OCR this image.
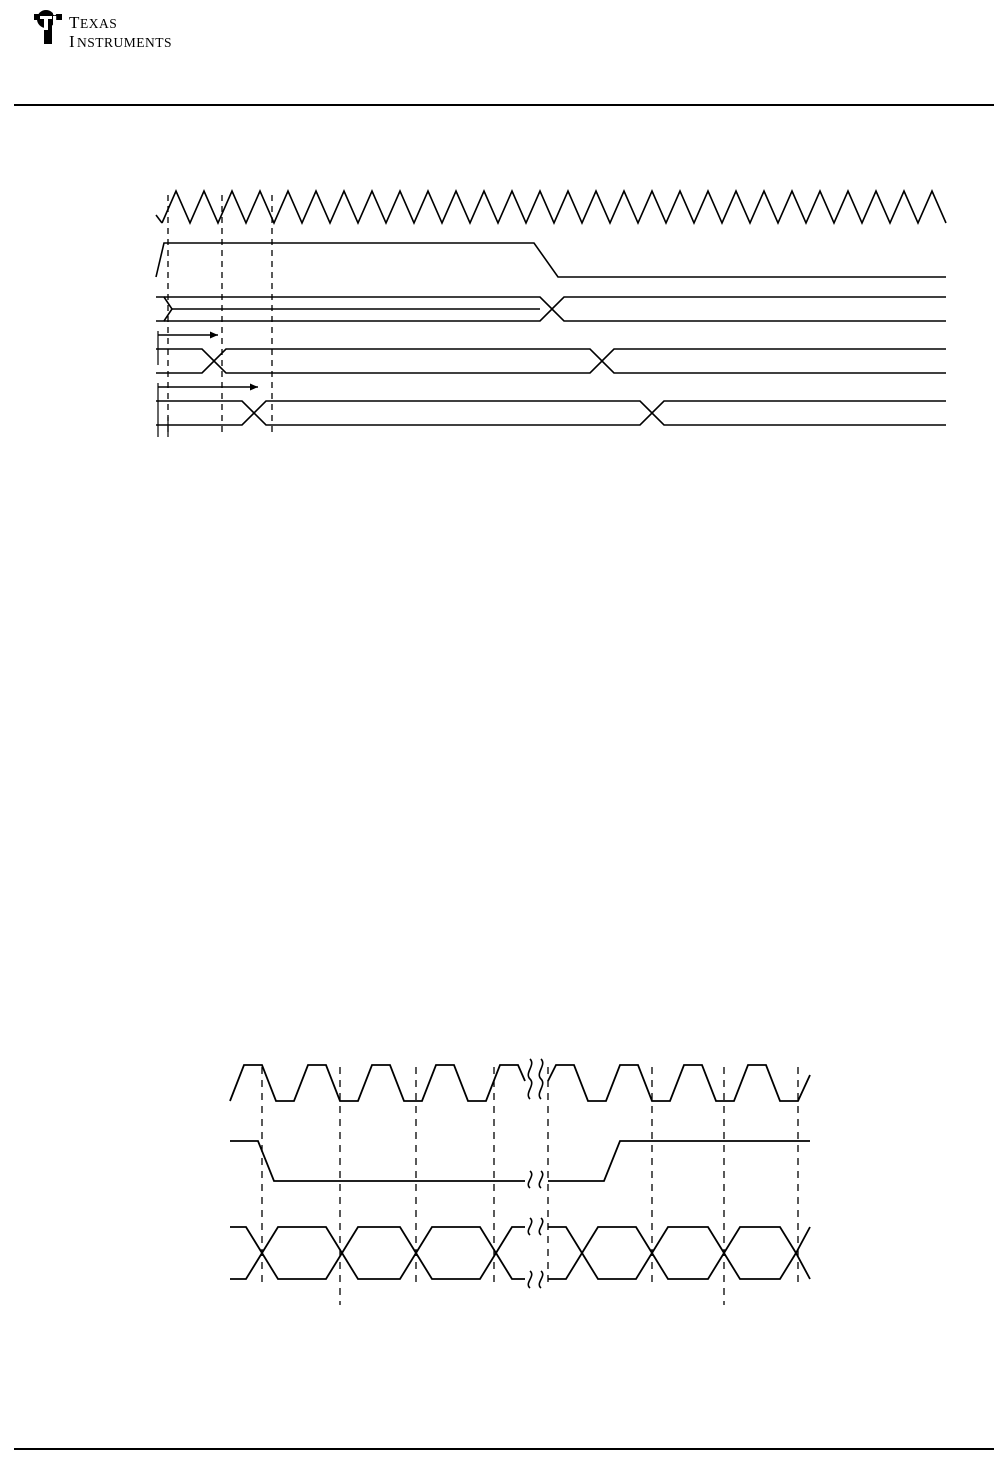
T EXAS
I NSTRUMENTS
